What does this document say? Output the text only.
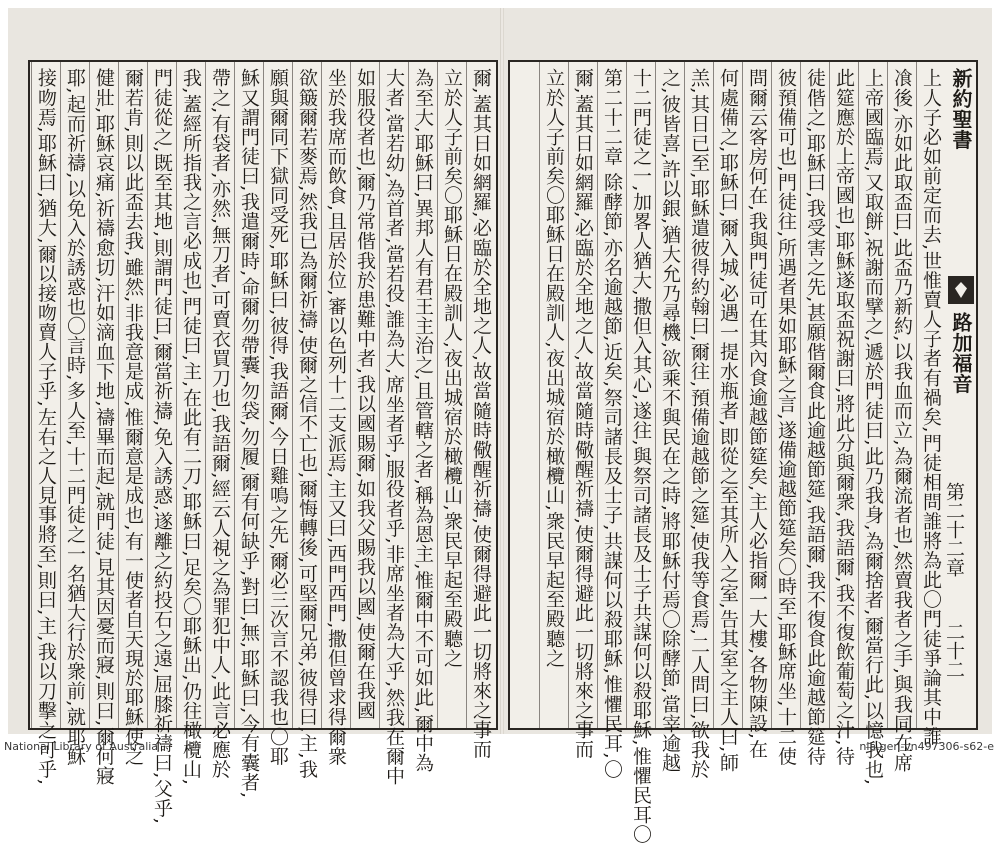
爾,蓋其日如網羅,必臨於全地之人,故當隨時儆醒祈禱,使爾得避此一切將來之事而
立於人子前矣〇耶穌日在殿訓人,夜出城宿於橄欖山,衆民早起至殿聽之
為至大,耶穌曰,異邦人有君王主治之,且管轄之者,稱為恩主,惟爾中不可如此,爾中為
大者,當若幼,為首者,當若役,誰為大,席坐者乎,服役者乎,非席坐者為大乎,然我在爾中
如服役者也,爾乃常偕我於患難中者,我以國賜爾,如我父賜我以國,使爾在我國
坐於我席而飲食,且居於位,審以色列十二支派焉,主又曰,西門西門,撒但曾求得爾衆
欲簸爾若麥焉,然我已為爾祈禱,使爾之信不亡也,爾悔轉後,可堅爾兄弟,彼得曰,主,我
願與爾同下獄同受死,耶穌曰,彼得,我語爾,今日雞鳴之先,爾必三次言不認我也〇耶
穌又謂門徒曰,我遣爾時,命爾勿帶囊,勿袋,勿履,爾有何缺乎,對曰,無,耶穌曰,今有囊者,
帶之,有袋者,亦然,無刀者,可賣衣買刀也,我語爾,經云人視之為罪犯中人,此言必應於
我,蓋經所指我之言必成也,門徒曰,主,在此有二刀,耶穌曰,足矣〇耶穌出,仍往橄欖山,
門徒從之,既至其地,則謂門徒曰,爾當祈禱,免入誘惑,遂離之約投石之遠,屈膝祈禱曰,父乎,
爾若肯,則以此盃去我,雖然,非我意是成,惟爾意是成也,有一使者自天現於耶穌使之
健壯,耶穌哀痛,祈禱愈切,汗如滴血下地,禱畢而起,就門徒,見其因憂而寢,則曰,爾何寢
耶,起而祈禱,以免入於誘惑也〇言時,多人至,十二門徒之一名猶大行於衆前,就耶穌
接吻焉,耶穌曰,猶大,爾以接吻賣人子乎,左右之人見事將至,則曰,主,我以刀擊之可乎,	上人子必如前定而去,世惟賣人子者有禍矣,門徒相問誰將為此〇門徒爭論其中誰
飡後,亦如此取盃曰,此盃乃新約,以我血而立,為爾流者也,然賣我者之手,與我同在席
上帝國臨焉,又取餅,祝謝而擘之,遞於門徒曰,此乃我身,為爾捨者,爾當行此,以憶我也,
此筵應於上帝國也,耶穌遂取盃祝謝曰,將此分與爾衆,我語爾,我不復飲葡萄之汁,待
徒偕之,耶穌曰,我受害之先,甚願偕爾食此逾越節筵,我語爾,我不復食此逾越節筵待
彼預備可也,門徒往,所遇者果如耶穌之言,遂備逾越節筵矣〇時至,耶穌席坐,十二使
問爾云客房何在,我與門徒可在其內食逾越節筵矣,主人必指爾一大樓,各物陳設,在
何處備之,耶穌曰,爾入城,必遇一提水瓶者,即從之至其所入之室,告其室之主人曰,師
羔,其日已至,耶穌遣彼得約翰曰,爾往,預備逾越節之筵,使我等食焉,二人問曰,欲我於
之,彼皆喜,許以銀,猶大允乃尋機,欲乘不與民在之時,將耶穌付焉〇除酵節,當宰逾越
十二門徒之一,加畧人猶大,撒但入其心,遂往,與祭司諸長及士子共謀何以殺耶穌,惟懼民耳〇
第二十二章 除酵節,亦名逾越節,近矣,祭司諸長及士子,共謀何以殺耶穌,惟懼民耳,〇
爾,蓋其日如網羅,必臨於全地之人,故當隨時儆醒祈禱,使爾得避此一切將來之事而
立於人子前矣〇耶穌日在殿訓人,夜出城宿於橄欖山,衆民早起至殿聽之	新約聖書
路加福音
第二十二章
二十二
National Library of Australia	nla.gen-vn497306-s62-e
